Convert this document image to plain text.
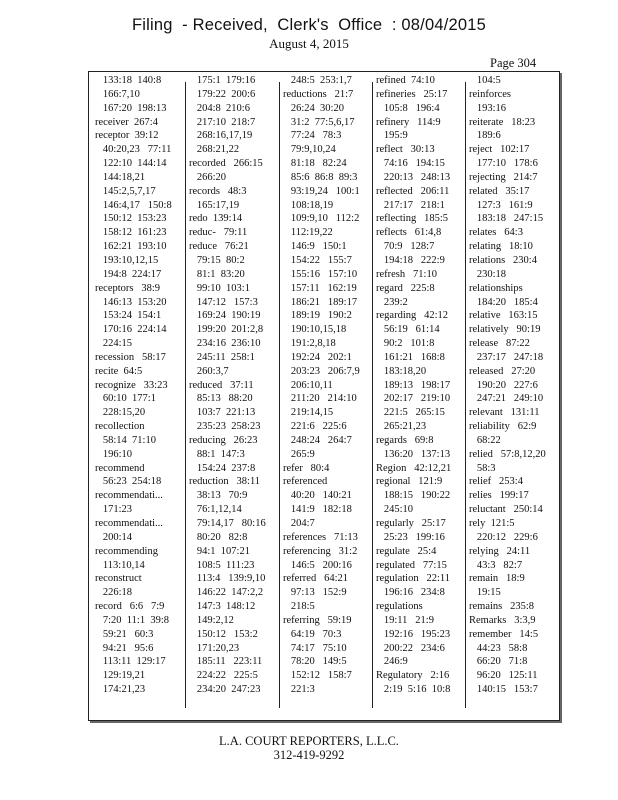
Filing  - Received,  Clerk's  Office  : 08/04/2015
August 4, 2015
Page 304
133:18  140:8
166:7,10
167:20  198:13
receiver  267:4
receptor  39:12
40:20,23   77:11
122:10  144:14
144:18,21
145:2,5,7,17
146:4,17   150:8
150:12  153:23
158:12  161:23
162:21  193:10
193:10,12,15
194:8  224:17
receptors   38:9
146:13  153:20
153:24  154:1
170:16  224:14
224:15
recession   58:17
recite  64:5
recognize   33:23
60:10  177:1
228:15,20
recollection
58:14  71:10
196:10
recommend
56:23  254:18
recommendati...
171:23
recommendati...
200:14
recommending
113:10,14
reconstruct
226:18
record   6:6   7:9
7:20  11:1  39:8
59:21   60:3
94:21   95:6
113:11  129:17
129:19,21
174:21,23
175:1  179:16
179:22  200:6
204:8  210:6
217:10  218:7
268:16,17,19
268:21,22
recorded   266:15
266:20
records   48:3
165:17,19
redo  139:14
reduc-   79:11
reduce   76:21
79:15  80:2
81:1  83:20
99:10  103:1
147:12   157:3
169:24  190:19
199:20  201:2,8
234:16  236:10
245:11  258:1
260:3,7
reduced   37:11
85:13   88:20
103:7  221:13
235:23  258:23
reducing   26:23
88:1  147:3
154:24  237:8
reduction   38:11
38:13   70:9
76:1,12,14
79:14,17   80:16
80:20   82:8
94:1  107:21
108:5  111:23
113:4   139:9,10
146:22  147:2,2
147:3  148:12
149:2,12
150:12   153:2
171:20,23
185:11   223:11
224:22   225:5
234:20  247:23
248:5  253:1,7
reductions   21:7
26:24  30:20
31:2  77:5,6,17
77:24   78:3
79:9,10,24
81:18   82:24
85:6  86:8  89:3
93:19,24   100:1
108:18,19
109:9,10   112:2
112:19,22
146:9   150:1
154:22   155:7
155:16   157:10
157:11   162:19
186:21   189:17
189:19   190:2
190:10,15,18
191:2,8,18
192:24   202:1
203:23   206:7,9
206:10,11
211:20   214:10
219:14,15
221:6   225:6
248:24   264:7
265:9
refer   80:4
referenced
40:20   140:21
141:9   182:18
204:7
references   71:13
referencing   31:2
146:5   200:16
referred   64:21
97:13   152:9
218:5
referring   59:19
64:19   70:3
74:17   75:10
78:20   149:5
152:12   158:7
221:3
refined  74:10
refineries   25:17
105:8   196:4
refinery   114:9
195:9
reflect   30:13
74:16   194:15
220:13   248:13
reflected   206:11
217:17   218:1
reflecting   185:5
reflects   61:4,8
70:9   128:7
194:18   222:9
refresh   71:10
regard   225:8
239:2
regarding   42:12
56:19   61:14
90:2   101:8
161:21   168:8
183:18,20
189:13   198:17
202:17   219:10
221:5   265:15
265:21,23
regards   69:8
136:20   137:13
Region   42:12,21
regional   121:9
188:15   190:22
245:10
regularly   25:17
25:23   199:16
regulate   25:4
regulated   77:15
regulation   22:11
196:16   234:8
regulations
19:11   21:9
192:16   195:23
200:22   234:6
246:9
Regulatory   2:16
2:19  5:16  10:8
104:5
reinforces
193:16
reiterate   18:23
189:6
reject   102:17
177:10   178:6
rejecting   214:7
related   35:17
127:3   161:9
183:18   247:15
relates   64:3
relating   18:10
relations   230:4
230:18
relationships
184:20   185:4
relative   163:15
relatively   90:19
release   87:22
237:17   247:18
released   27:20
190:20   227:6
247:21   249:10
relevant   131:11
reliability   62:9
68:22
relied   57:8,12,20
58:3
relief   253:4
relies   199:17
reluctant   250:14
rely  121:5
220:12   229:6
relying   24:11
43:3   82:7
remain   18:9
19:15
remains   235:8
Remarks   3:3,9
remember   14:5
44:23   58:8
66:20   71:8
96:20   125:11
140:15   153:7
L.A. COURT REPORTERS, L.L.C.
312-419-9292
